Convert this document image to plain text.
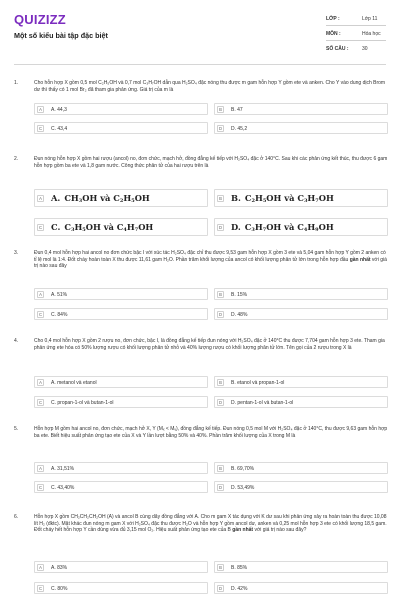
QUIZIZZ
Một số kiểu bài tập đặc biệt
LỚP :	Lớp 11
MÔN :	Hóa học
SỐ CÂU :	30
1.	Cho hỗn hợp X gồm 0,5 mol C₂H₅OH và 0,7 mol C₃H₇OH dẫn qua H₂SO₄ đặc nóng thu được m gam hỗn hợp Y gồm ete và anken. Cho Y vào dung dịch Brom dư thì thấy có 1 mol Br₂ đã tham gia phản ứng. Giá trị của m là
A	A. 44,3	B	B. 47
C	C. 43,4	D	D. 45,2
2.	Đun nóng hỗn hợp X gồm hai rượu (ancol) no, đơn chức, mạch hở, đồng đẳng kế tiếp với H₂SO₄ đặc ở 140°C. Sau khi các phản ứng kết thúc, thu được 6 gam hỗn hợp gồm ba ete và 1,8 gam nước. Công thức phân tử của hai rượu trên là
A A. $CH_3OH$ và $C_2H_5OH$	B B. $C_2H_5OH$ và $C_3H_7OH$
C C. $C_3H_5OH$ và $C_4H_7OH$	D D. $C_3H_7OH$ và $C_4H_9OH$
3.	Đun 0,4 mol hỗn hợp hai ancol no đơn chức bậc I với xúc tác H₂SO₄ đặc chỉ thu được 9,53 gam hỗn hợp X gồm 3 ete và 5,04 gam hỗn hợp Y gồm 2 anken có tỉ lệ mol là 1:4. Đốt cháy hoàn toàn X thu được 11,61 gam H₂O. Phần trăm khối lượng của ancol có khối lượng phân tử lớn trong hỗn hợp đầu gần nhất với giá trị nào sau đây
A	A. 51%	B	B. 15%
C	C. 84%	D	D. 48%
4.	Cho 0,4 mol hỗn hợp X gồm 2 rượu no, đơn chức, bậc I, là đồng đẳng kế tiếp đun nóng với H₂SO₄ đặc ở 140°C thu được 7,704 gam hỗn hợp 3 ete. Tham gia phản ứng ete hóa có 50% lượng rượu có khối lượng phân tử nhỏ và 40% lượng rượu có khối lượng phân tử lớn. Tên gọi của 2 rượu trong X là
A	A. metanol và etanol	B	B. etanol và propan-1-ol
C	C. propan-1-ol và butan-1-ol	D	D. pentan-1-ol và butan-1-ol
5.	Hỗn hợp M gồm hai ancol no, đơn chức, mạch hở X, Y (Mₓ < Mᵧ), đồng đẳng kế tiếp. Đun nóng 0,5 mol M với H₂SO₄ đặc ở 140°C, thu được 9,63 gam hỗn hợp ba ete. Biết hiệu suất phản ứng tạo ete của X và Y lần lượt bằng 50% và 40%. Phần trăm khối lượng của X trong M là
A	A. 31,51%	B	B. 69,70%
C	C. 43,40%	D	D. 53,49%
6.	Hỗn hợp X gồm CH₂CH₂CH₂OH (A) và ancol B cùng dãy đồng đẳng với A. Cho m gam X tác dụng với K dư sau khi phản ứng xảy ra hoàn toàn thu được 10,08 lít H₂ (đktc). Mặt khác đun nóng m gam X với H₂SO₄ đặc thu được H₂O và hỗn hợp Y gồm ancol dư, anken và 0,25 mol hỗn hợp 3 ete có khối lượng 18,5 gam. Đốt cháy hết hỗn hợp Y cần dùng vừa đủ 3,15 mol O₂. Hiệu suất phản ứng tạo ete của B gần nhất với giá trị nào sau đây?
A	A. 83%	B	B. 85%
C	C. 80%	D	D. 42%
